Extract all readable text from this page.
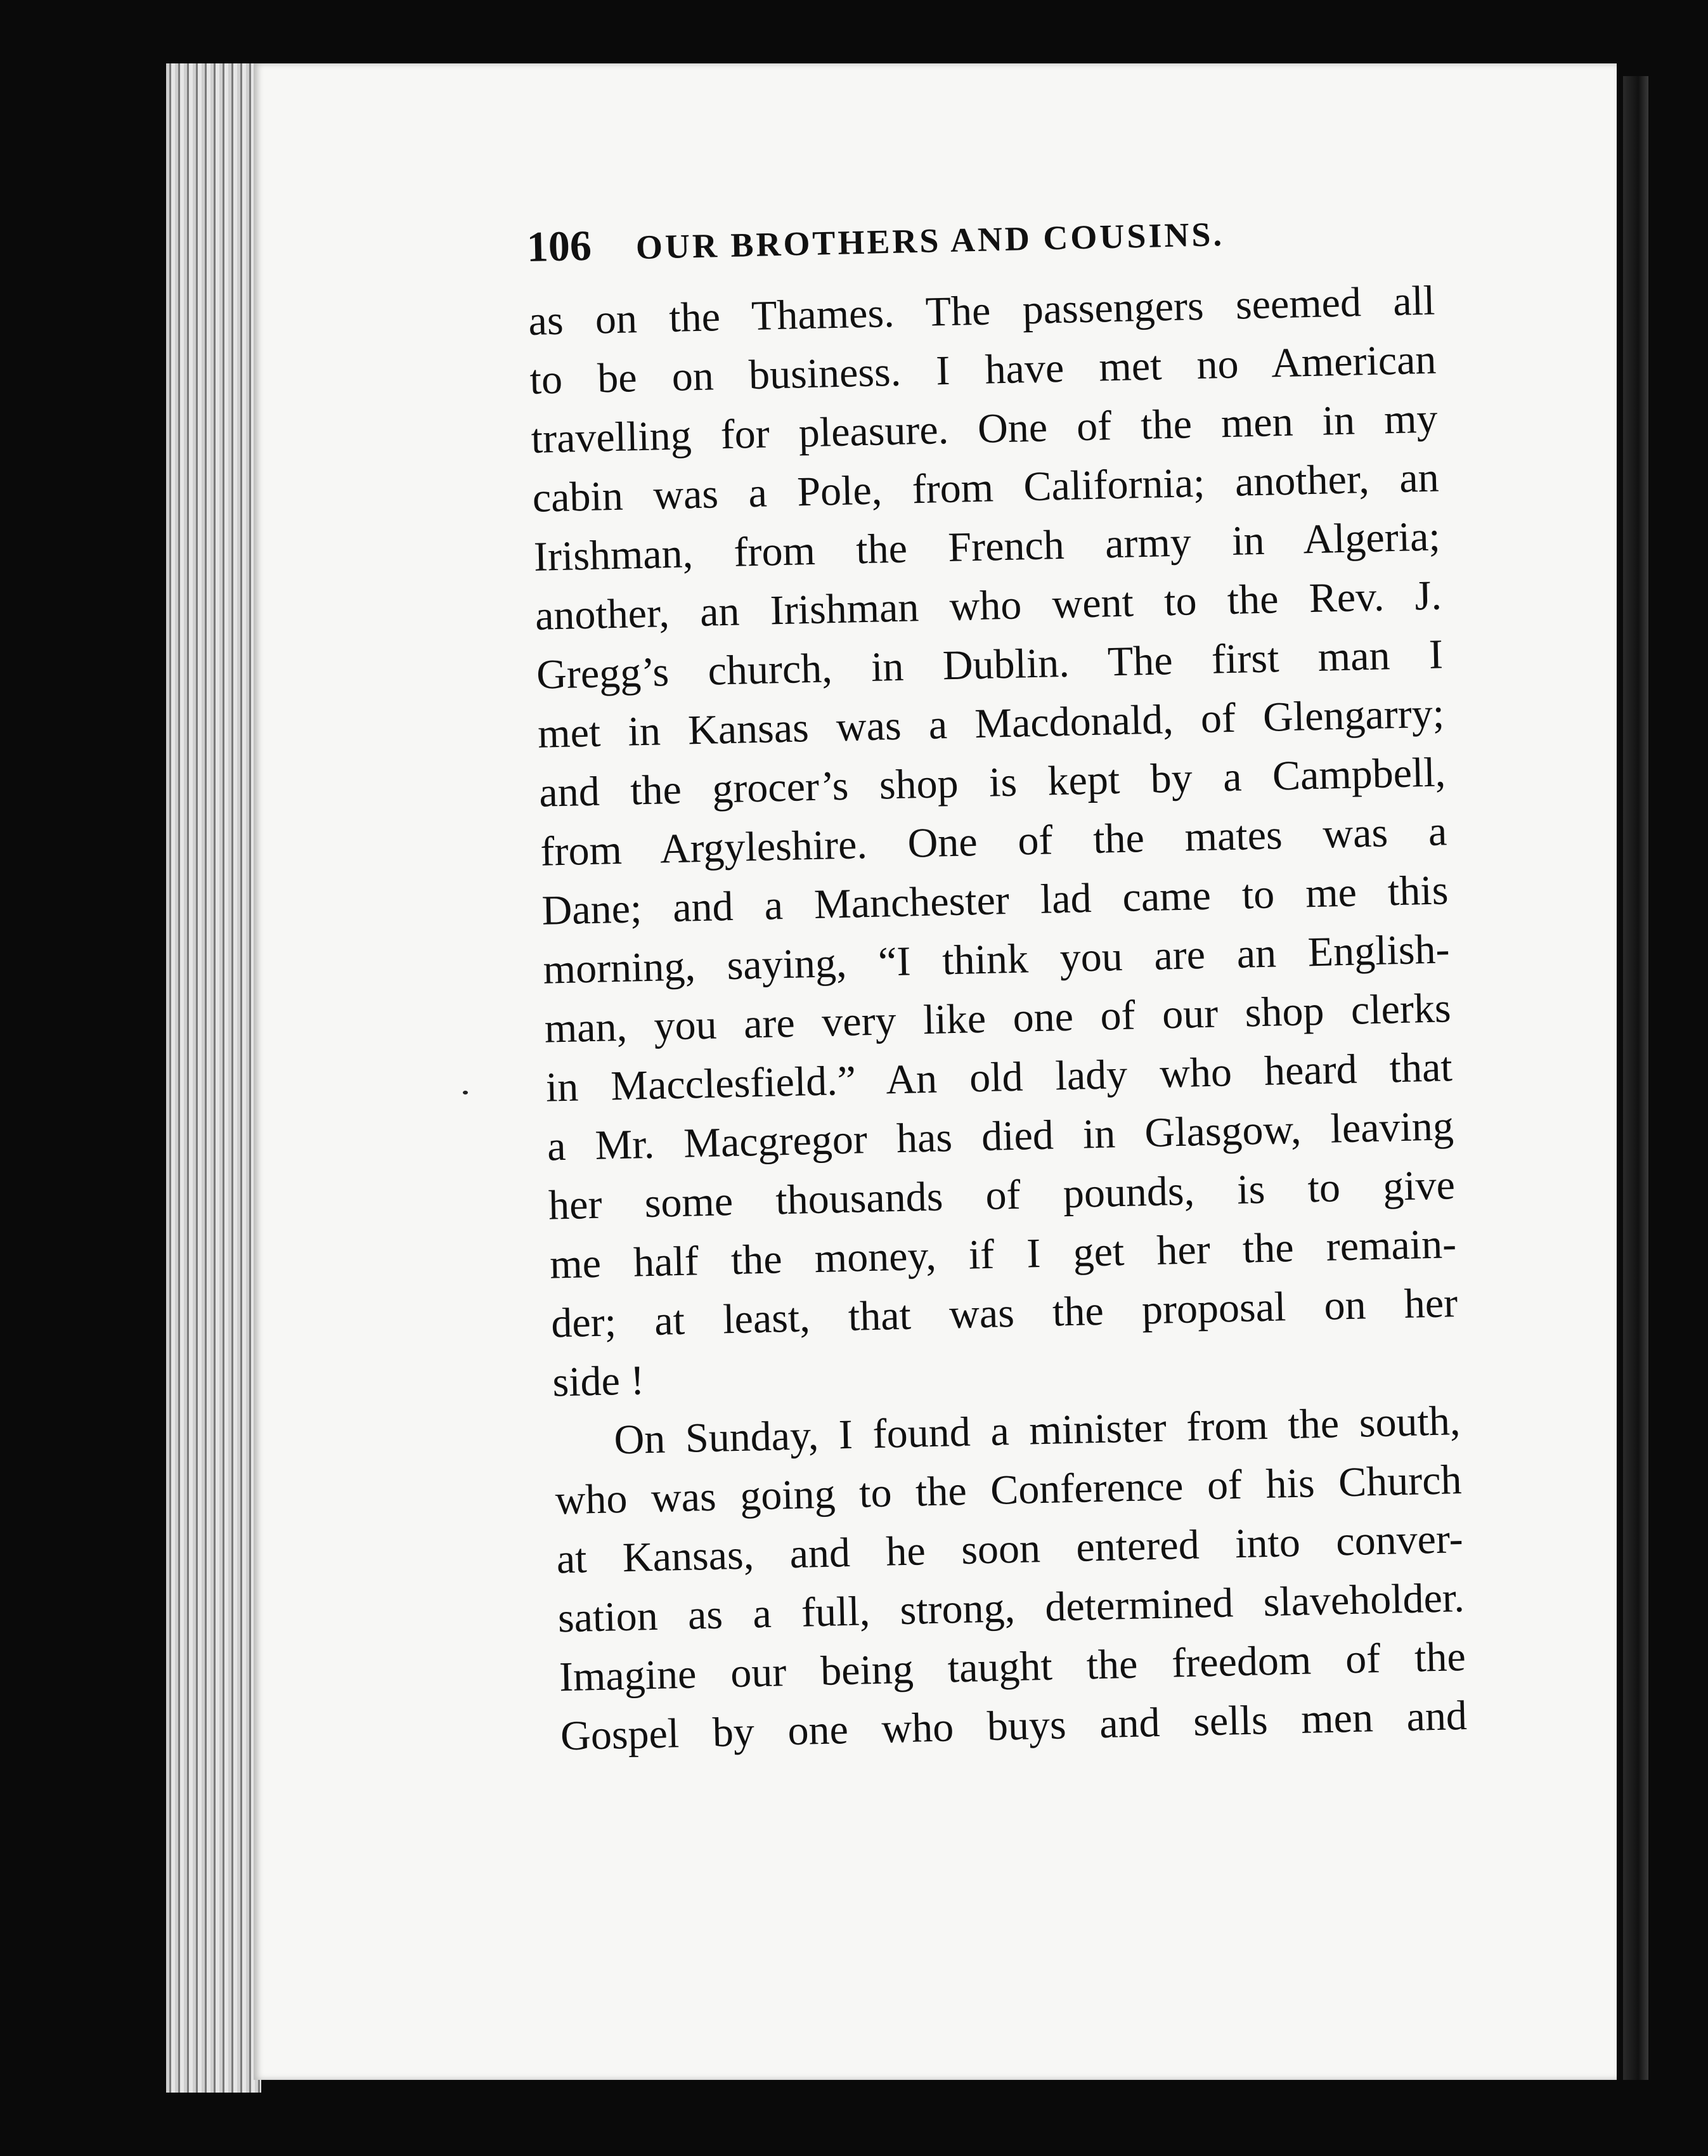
106 OUR BROTHERS AND COUSINS.
as on the Thames. The passengers seemed all
to be on business. I have met no American
travelling for pleasure. One of the men in my
cabin was a Pole, from California; another, an
Irishman, from the French army in Algeria;
another, an Irishman who went to the Rev. J.
Gregg’s church, in Dublin. The first man I
met in Kansas was a Macdonald, of Glengarry;
and the grocer’s shop is kept by a Campbell,
from Argyleshire. One of the mates was a
Dane; and a Manchester lad came to me this
morning, saying, “I think you are an English-
man, you are very like one of our shop clerks
in Macclesfield.” An old lady who heard that
a Mr. Macgregor has died in Glasgow, leaving
her some thousands of pounds, is to give
me half the money, if I get her the remain-
der; at least, that was the proposal on her
side !
On Sunday, I found a minister from the south,
who was going to the Conference of his Church
at Kansas, and he soon entered into conver-
sation as a full, strong, determined slaveholder.
Imagine our being taught the freedom of the
Gospel by one who buys and sells men and
